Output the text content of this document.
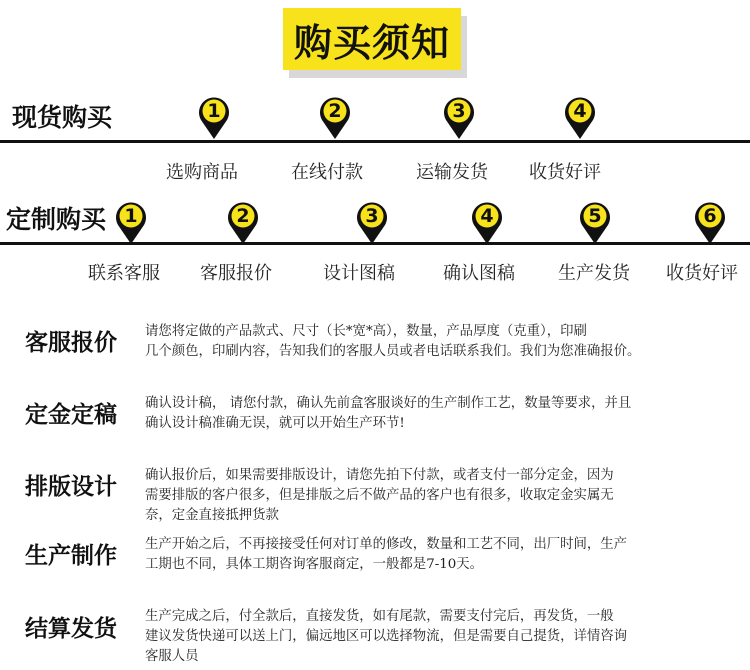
购买须知
现货购买	1
选购商品
2
在线付款
3
运输发货
4
收货好评
定制购买 1
联系客服
2
客服报价
3
设计图稿
4
确认图稿
5
生产发货
6
收货好评
客服报价 请您将定做的产品款式、尺寸（长*宽*高），数量，产品厚度（克重），印刷
几个颜色，印刷内容，告知我们的客服人员或者电话联系我们。我们为您准确报价。
定金定稿 确认设计稿， 请您付款，确认先前盒客服谈好的生产制作工艺，数量等要求，并且
确认设计稿准确无误，就可以开始生产环节!
排版设计 确认报价后，如果需要排版设计，请您先拍下付款，或者支付一部分定金，因为
需要排版的客户很多，但是排版之后不做产品的客户也有很多，收取定金实属无
奈，定金直接抵押货款
生产制作 生产开始之后，不再接接受任何对订单的修改，数量和工艺不同，出厂时间，生产
工期也不同，具体工期咨询客服商定，一般都是7-10天。
结算发货 生产完成之后，付全款后，直接发货，如有尾款，需要支付完后，再发货，一般
建议发货快递可以送上门，偏远地区可以选择物流，但是需要自己提货，详情咨询
客服人员
